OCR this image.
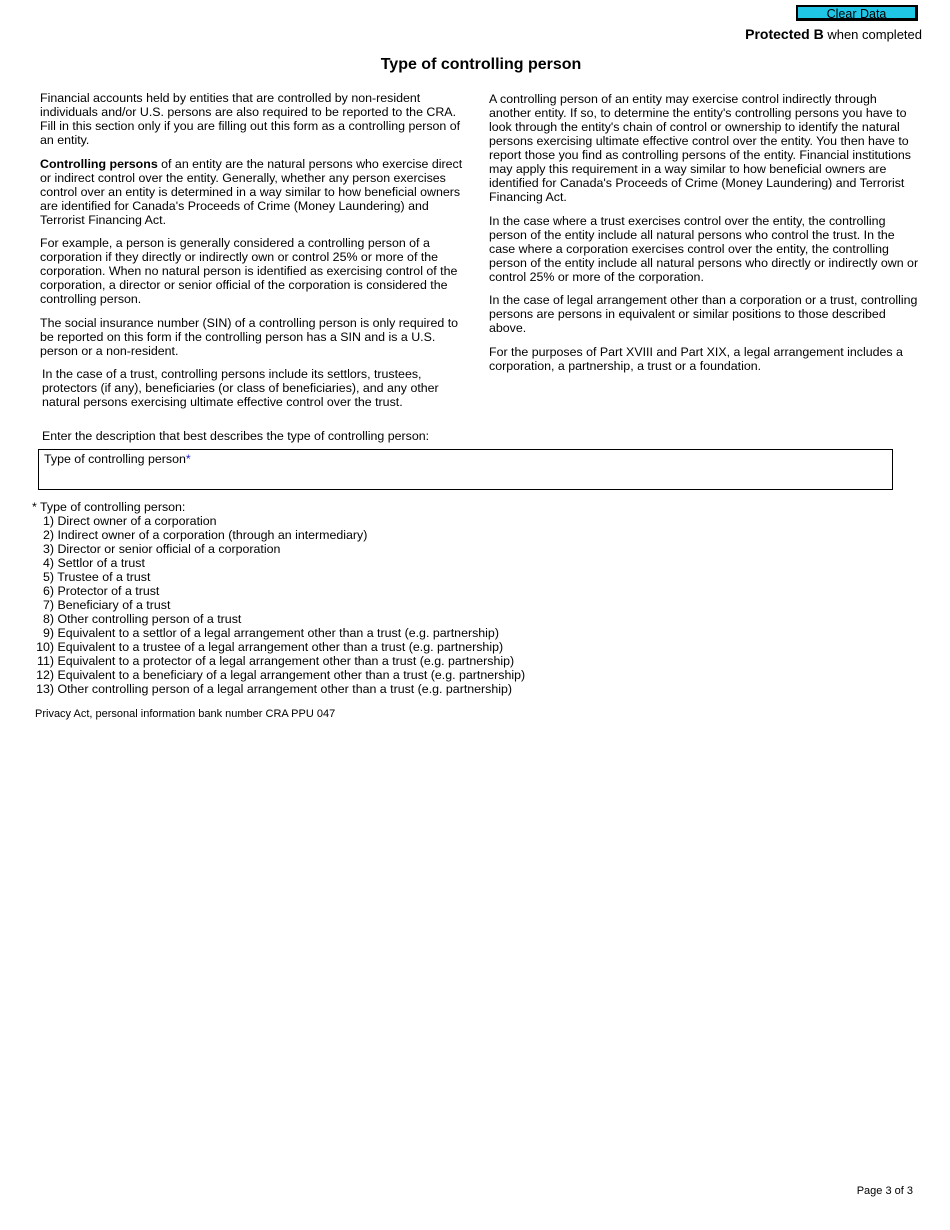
Clear Data
Protected B when completed
Type of controlling person

Financial accounts held by entities that are controlled by non-resident individuals and/or U.S. persons are also required to be reported to the CRA. Fill in this section only if you are filling out this form as a controlling person of an entity.

Controlling persons of an entity are the natural persons who exercise direct or indirect control over the entity. Generally, whether any person exercises control over an entity is determined in a way similar to how beneficial owners are identified for Canada's Proceeds of Crime (Money Laundering) and Terrorist Financing Act.

For example, a person is generally considered a controlling person of a corporation if they directly or indirectly own or control 25% or more of the corporation. When no natural person is identified as exercising control of the corporation, a director or senior official of the corporation is considered the controlling person.

The social insurance number (SIN) of a controlling person is only required to be reported on this form if the controlling person has a SIN and is a U.S. person or a non-resident.

In the case of a trust, controlling persons include its settlors, trustees, protectors (if any), beneficiaries (or class of beneficiaries), and any other natural persons exercising ultimate effective control over the trust.

A controlling person of an entity may exercise control indirectly through another entity. If so, to determine the entity's controlling persons you have to look through the entity's chain of control or ownership to identify the natural persons exercising ultimate effective control over the entity. You then have to report those you find as controlling persons of the entity. Financial institutions may apply this requirement in a way similar to how beneficial owners are identified for Canada's Proceeds of Crime (Money Laundering) and Terrorist Financing Act.

In the case where a trust exercises control over the entity, the controlling person of the entity include all natural persons who control the trust. In the case where a corporation exercises control over the entity, the controlling person of the entity include all natural persons who directly or indirectly own or control 25% or more of the corporation.

In the case of legal arrangement other than a corporation or a trust, controlling persons are persons in equivalent or similar positions to those described above.

For the purposes of Part XVIII and Part XIX, a legal arrangement includes a corporation, a partnership, a trust or a foundation.

Enter the description that best describes the type of controlling person:
Type of controlling person*
* Type of controlling person:
1) Direct owner of a corporation
2) Indirect owner of a corporation (through an intermediary)
3) Director or senior official of a corporation
4) Settlor of a trust
5) Trustee of a trust
6) Protector of a trust
7) Beneficiary of a trust
8) Other controlling person of a trust
9) Equivalent to a settlor of a legal arrangement other than a trust (e.g. partnership)
10) Equivalent to a trustee of a legal arrangement other than a trust (e.g. partnership)
11) Equivalent to a protector of a legal arrangement other than a trust (e.g. partnership)
12) Equivalent to a beneficiary of a legal arrangement other than a trust (e.g. partnership)
13) Other controlling person of a legal arrangement other than a trust (e.g. partnership)
Privacy Act, personal information bank number CRA PPU 047
Page 3 of 3
